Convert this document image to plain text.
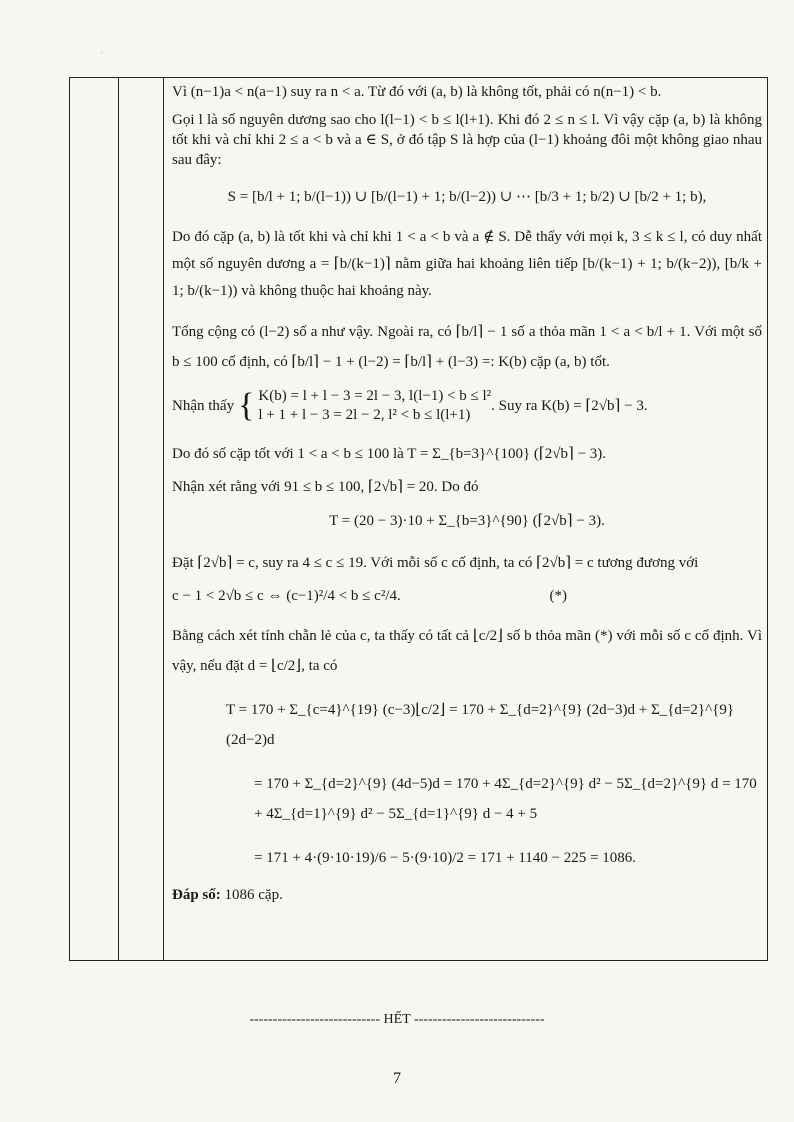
ˌ

Vì (n−1)a < n(a−1) suy ra n < a. Từ đó với (a, b) là không tốt, phải có n(n−1) < b.

Gọi l là số nguyên dương sao cho l(l−1) < b ≤ l(l+1). Khi đó 2 ≤ n ≤ l. Vì vậy cặp (a, b) là không tốt khi và chỉ khi 2 ≤ a < b và a ∈ S, ở đó tập S là hợp của (l−1) khoảng đôi một không giao nhau sau đây:

S = [b/l + 1; b/(l−1)) ∪ [b/(l−1) + 1; b/(l−2)) ∪ ⋯ [b/3 + 1; b/2) ∪ [b/2 + 1; b),

Do đó cặp (a, b) là tốt khi và chỉ khi 1 < a < b và a ∉ S. Dễ thấy với mọi k, 3 ≤ k ≤ l, có duy nhất một số nguyên dương a = ⌈b/(k−1)⌉ nằm giữa hai khoảng liên tiếp [b/(k−1) + 1; b/(k−2)), [b/k + 1; b/(k−1)) và không thuộc hai khoảng này.

Tổng cộng có (l−2) số a như vậy. Ngoài ra, có ⌈b/l⌉ − 1 số a thỏa mãn 1 < a < b/l + 1. Với một số b ≤ 100 cố định, có ⌈b/l⌉ − 1 + (l−2) = ⌈b/l⌉ + (l−3) =: K(b) cặp (a, b) tốt.

Nhận thấy { K(b) = l + l − 3 = 2l − 3, l(l−1) < b ≤ l²
l + 1 + l − 3 = 2l − 2, l² < b ≤ l(l+1)
. Suy ra K(b) = ⌈2√b⌉ − 3.

Do đó số cặp tốt với 1 < a < b ≤ 100 là T = Σ_{b=3}^{100} (⌈2√b⌉ − 3).

Nhận xét rằng với 91 ≤ b ≤ 100, ⌈2√b⌉ = 20. Do đó

T = (20 − 3)·10 + Σ_{b=3}^{90} (⌈2√b⌉ − 3).

Đặt ⌈2√b⌉ = c, suy ra 4 ≤ c ≤ 19. Với mỗi số c cố định, ta có ⌈2√b⌉ = c tương đương với

c − 1 < 2√b ≤ c ⇔ (c−1)²/4 < b ≤ c²/4.	(*)

Bằng cách xét tính chẵn lẻ của c, ta thấy có tất cả ⌊c/2⌋ số b thỏa mãn (*) với mỗi số c cố định. Vì vậy, nếu đặt d = ⌊c/2⌋, ta có

T = 170 + Σ_{c=4}^{19} (c−3)⌊c/2⌋ = 170 + Σ_{d=2}^{9} (2d−3)d + Σ_{d=2}^{9} (2d−2)d
= 170 + Σ_{d=2}^{9} (4d−5)d = 170 + 4Σ_{d=2}^{9} d² − 5Σ_{d=2}^{9} d = 170 + 4Σ_{d=1}^{9} d² − 5Σ_{d=1}^{9} d − 4 + 5
= 171 + 4·(9·10·19)/6 − 5·(9·10)/2 = 171 + 1140 − 225 = 1086.

Đáp số: 1086 cặp.

---------------------------- HẾT ----------------------------
7
